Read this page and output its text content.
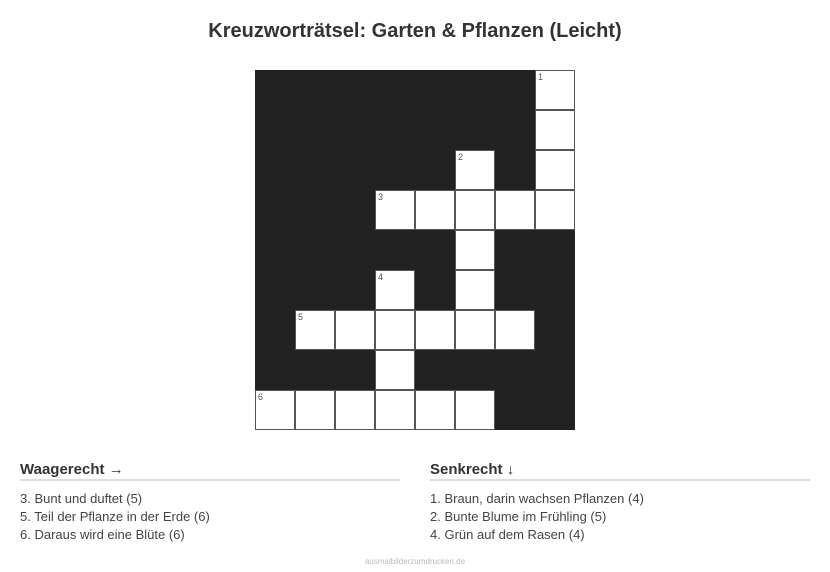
Kreuzworträtsel: Garten & Pflanzen (Leicht)
1
2
3
4
5
6
Waagerecht →
3. Bunt und duftet (5)
5. Teil der Pflanze in der Erde (6)
6. Daraus wird eine Blüte (6)
Senkrecht ↓
1. Braun, darin wachsen Pflanzen (4)
2. Bunte Blume im Frühling (5)
4. Grün auf dem Rasen (4)
ausmalbilderzumdrucken.de
